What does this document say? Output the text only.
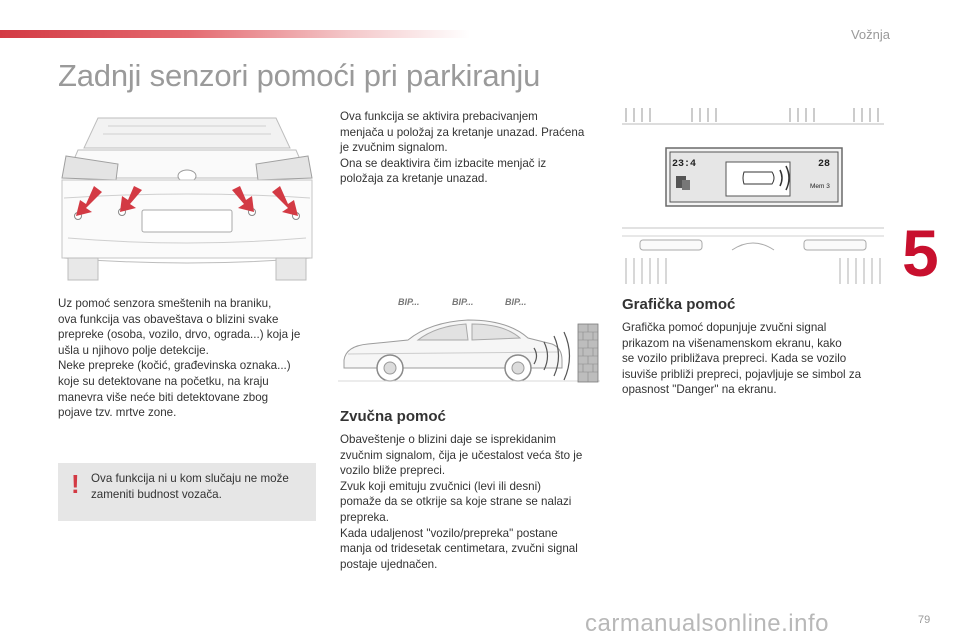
Vožnja
Zadnji senzori pomoći pri parkiranju
5
Uz pomoć senzora smeštenih na braniku,
ova funkcija vas obaveštava o blizini svake
prepreke (osoba, vozilo, drvo, ograda...) koja je
ušla u njihovo polje detekcije.
Neke prepreke (kočić, građevinska oznaka...)
koje su detektovane na početku, na kraju
manevra više neće biti detektovane zbog
pojave tzv. mrtve zone.
! Ova funkcija ni u kom slučaju ne može
zameniti budnost vozača.
Ova funkcija se aktivira prebacivanjem
menjača u položaj za kretanje unazad. Praćena
je zvučnim signalom.
Ona se deaktivira čim izbacite menjač iz
položaja za kretanje unazad.
BIP...	BIP...	BIP...
Zvučna pomoć
Obaveštenje o blizini daje se isprekidanim
zvučnim signalom, čija je učestalost veća što je
vozilo bliže prepreci.
Zvuk koji emituju zvučnici (levi ili desni)
pomaže da se otkrije sa koje strane se nalazi
prepreka.
Kada udaljenost "vozilo/prepreka" postane
manja od tridesetak centimetara, zvučni signal
postaje ujednačen.
23:4	28
Mem 3
Grafička pomoć
Grafička pomoć dopunjuje zvučni signal
prikazom na višenamenskom ekranu, kako
se vozilo približava prepreci. Kada se vozilo
isuviše približi prepreci, pojavljuje se simbol za
opasnost "Danger" na ekranu.
carmanualsonline.info	79
